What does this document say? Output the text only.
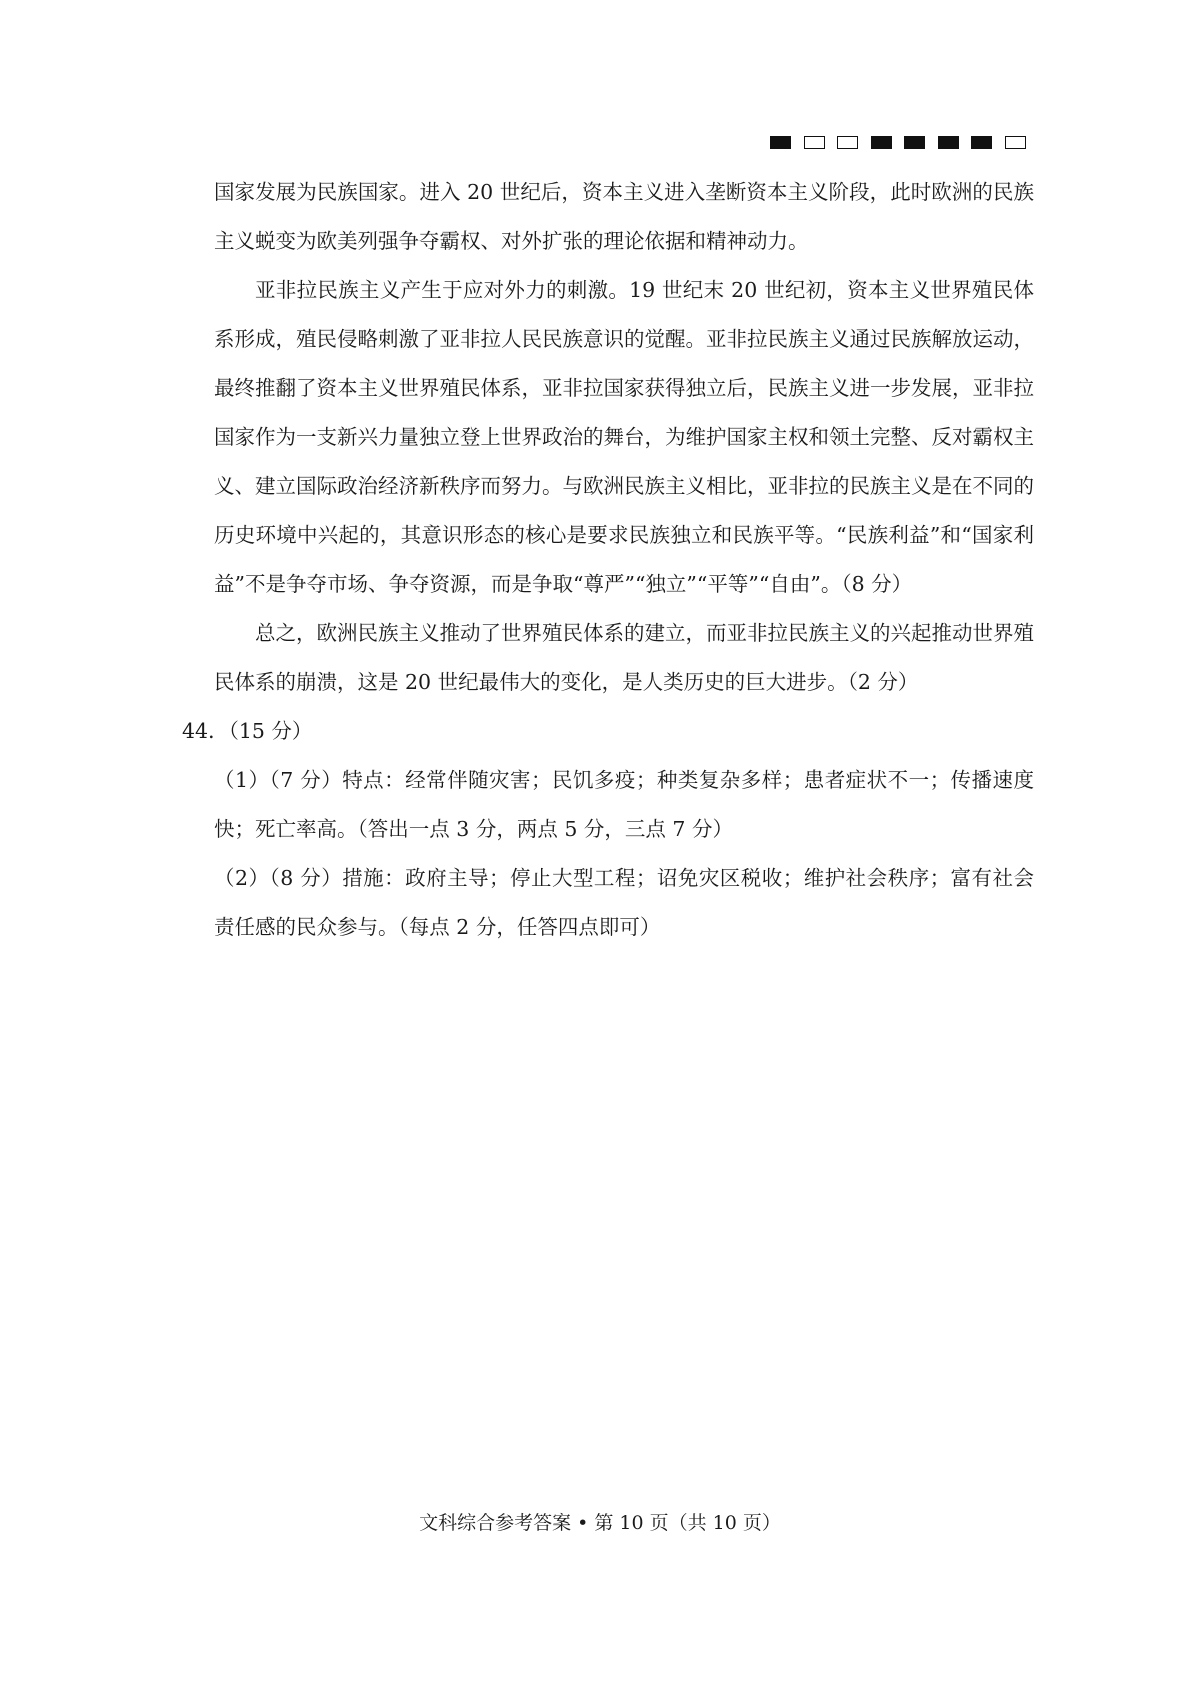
国家发展为民族国家。进入 20 世纪后，资本主义进入垄断资本主义阶段，此时欧洲的民族主义蜕变为欧美列强争夺霸权、对外扩张的理论依据和精神动力。

亚非拉民族主义产生于应对外力的刺激。19 世纪末 20 世纪初，资本主义世界殖民体系形成，殖民侵略刺激了亚非拉人民民族意识的觉醒。亚非拉民族主义通过民族解放运动，最终推翻了资本主义世界殖民体系，亚非拉国家获得独立后，民族主义进一步发展，亚非拉国家作为一支新兴力量独立登上世界政治的舞台，为维护国家主权和领土完整、反对霸权主义、建立国际政治经济新秩序而努力。与欧洲民族主义相比，亚非拉的民族主义是在不同的历史环境中兴起的，其意识形态的核心是要求民族独立和民族平等。“民族利益”和“国家利益”不是争夺市场、争夺资源，而是争取“尊严”“独立”“平等”“自由”。（8 分）

总之，欧洲民族主义推动了世界殖民体系的建立，而亚非拉民族主义的兴起推动世界殖民体系的崩溃，这是 20 世纪最伟大的变化，是人类历史的巨大进步。（2 分）

44．（15 分）

（1）（7 分）特点：经常伴随灾害；民饥多疫；种类复杂多样；患者症状不一；传播速度快；死亡率高。（答出一点 3 分，两点 5 分，三点 7 分）

（2）（8 分）措施：政府主导；停止大型工程；诏免灾区税收；维护社会秩序；富有社会责任感的民众参与。（每点 2 分，任答四点即可）

文科综合参考答案 • 第 10 页（共 10 页）
